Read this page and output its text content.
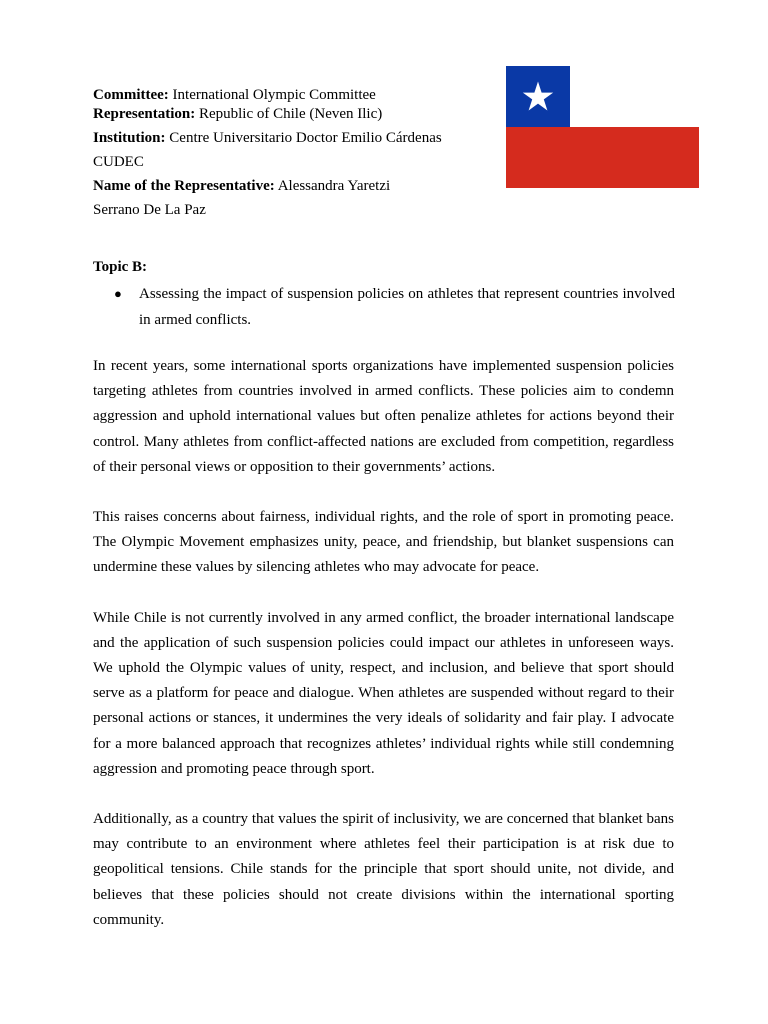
Committee: International Olympic Committee

Representation: Republic of Chile (Neven Ilic)

Institution: Centre Universitario Doctor Emilio Cárdenas

CUDEC

Name of the Representative: Alessandra Yaretzi

Serrano De La Paz

Topic B:

●	Assessing the impact of suspension policies on athletes that represent countries involved in armed conflicts.

In recent years, some international sports organizations have implemented suspension policies targeting athletes from countries involved in armed conflicts. These policies aim to condemn aggression and uphold international values but often penalize athletes for actions beyond their control. Many athletes from conflict-affected nations are excluded from competition, regardless of their personal views or opposition to their governments’ actions.

This raises concerns about fairness, individual rights, and the role of sport in promoting peace. The Olympic Movement emphasizes unity, peace, and friendship, but blanket suspensions can undermine these values by silencing athletes who may advocate for peace.

While Chile is not currently involved in any armed conflict, the broader international landscape and the application of such suspension policies could impact our athletes in unforeseen ways. We uphold the Olympic values of unity, respect, and inclusion, and believe that sport should serve as a platform for peace and dialogue. When athletes are suspended without regard to their personal actions or stances, it undermines the very ideals of solidarity and fair play. I advocate for a more balanced approach that recognizes athletes’ individual rights while still condemning aggression and promoting peace through sport.

Additionally, as a country that values the spirit of inclusivity, we are concerned that blanket bans may contribute to an environment where athletes feel their participation is at risk due to geopolitical tensions. Chile stands for the principle that sport should unite, not divide, and believes that these policies should not create divisions within the international sporting community.
